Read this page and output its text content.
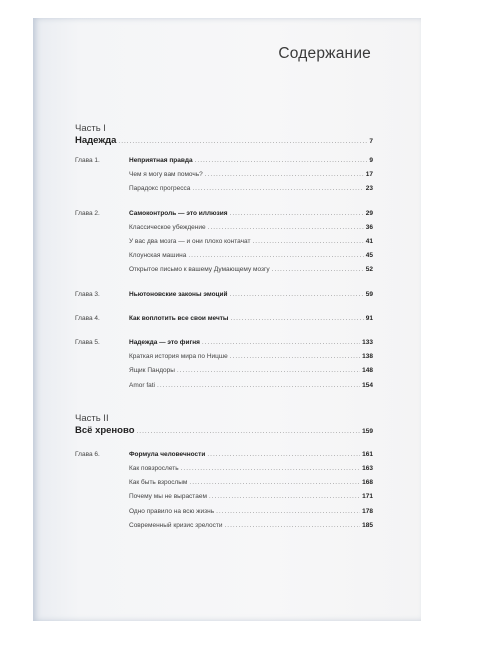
Содержание
Часть I
Надежда .....	7
Глава 1.	Неприятная правда .....	9
Чем я могу вам помочь? .....	17
Парадокс прогресса .....	23
Глава 2.	Самоконтроль — это иллюзия .....	29
Классическое убеждение .....	36
У вас два мозга — и они плохо контачат .....	41
Клоунская машина .....	45
Открытое письмо к вашему Думающему мозгу .....	52
Глава 3.	Ньютоновские законы эмоций .....	59
Глава 4.	Как воплотить все свои мечты .....	91
Глава 5.	Надежда — это фигня .....	133
Краткая история мира по Ницше .....	138
Ящик Пандоры .....	148
Amor fati .....	154
Часть II
Всё хреново .....	159
Глава 6.	Формула человечности .....	161
Как повзрослеть .....	163
Как быть взрослым .....	168
Почему мы не вырастаем .....	171
Одно правило на всю жизнь .....	178
Современный кризис зрелости .....	185
